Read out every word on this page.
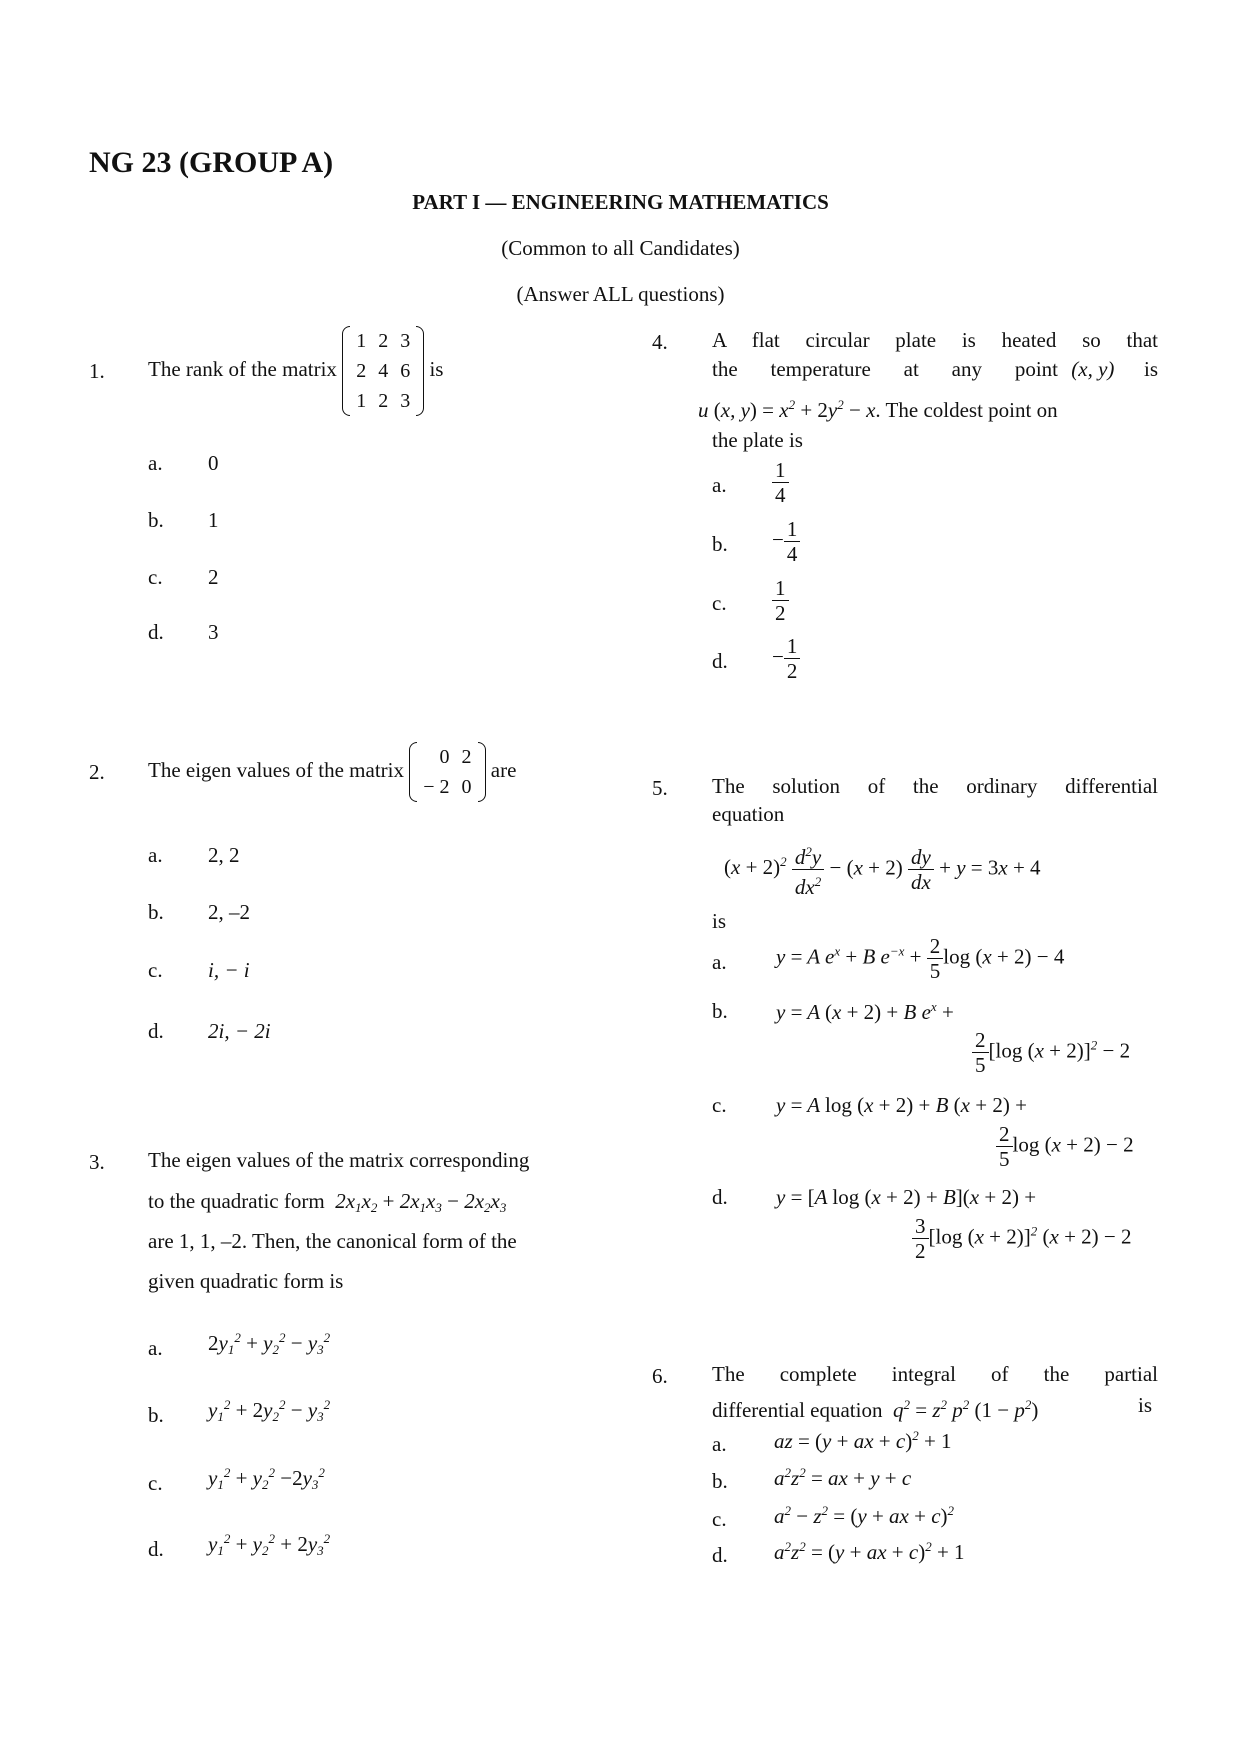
NG 23 (GROUP A)
PART I — ENGINEERING MATHEMATICS
(Common to all Candidates)
(Answer ALL questions)
1. The rank of the matrix
1	2	3
2	4	6
1	2	3
is
a. 0
b. 1
c. 2
d. 3
2. The eigen values of the matrix
0	2
− 2	0
are
a. 2, 2
b. 2, –2
c. i, − i
d. 2i, − 2i
3. The eigen values of the matrix corresponding
to the quadratic form $2x_1x_2 + 2x_1x_3 - 2x_2x_3$
are 1, 1, –2. Then, the canonical form of the
given quadratic form is
a. $2y_1^2 + y_2^2 - y_3^2$
b. $y_1^2 + 2y_2^2 - y_3^2$
c. $y_1^2 + y_2^2 -2y_3^2$
d. $y_1^2 + y_2^2 + 2y_3^2$
4. A flat circular plate is heated so that
the temperature at any point (x, y) is
u (x, $y) = x^2 + 2y^2 - x$. The coldest point on
the plate is
a. $\frac{1}{4}$
b. − $\frac{1}{4}$
c. $\frac{1}{2}$
d. − $\frac{1}{2}$
5. The solution of the ordinary differential
equation
$(x + 2)^2 \frac{d^2y}{dx^2} - (x + 2) \frac{dy}{dx} + y = 3x + 4$
is
a. y = A $e^x + B$ $e^{-x} + \frac{2}{5}$ log (x + 2) − 4
b. y = A (x + 2) + B $e^x$ +
$\frac{2}{5} [\log$ (x + 2)]$^2$ − 2
c. y = A log (x + 2) + B (x + 2) +
$\frac{2}{5}$ log (x + 2) − 2
d. y = [A log (x + 2) + B](x + 2) +
$\frac{3}{2} [\log$ (x + 2)]$^2$ (x + 2) − 2
6. The complete integral of the partial
differential equation $q^2 = z^2$ $p^2$ $(1 - p^2)$	is
a. az = (y + ax + c)$^2$ + 1
b. $a^2z^2$ = ax + y + c
c. $a^2 - z^2 = (y$ + ax + c)$^2$
d. $a^2z^2 = (y$ + ax + c)$^2$ + 1
